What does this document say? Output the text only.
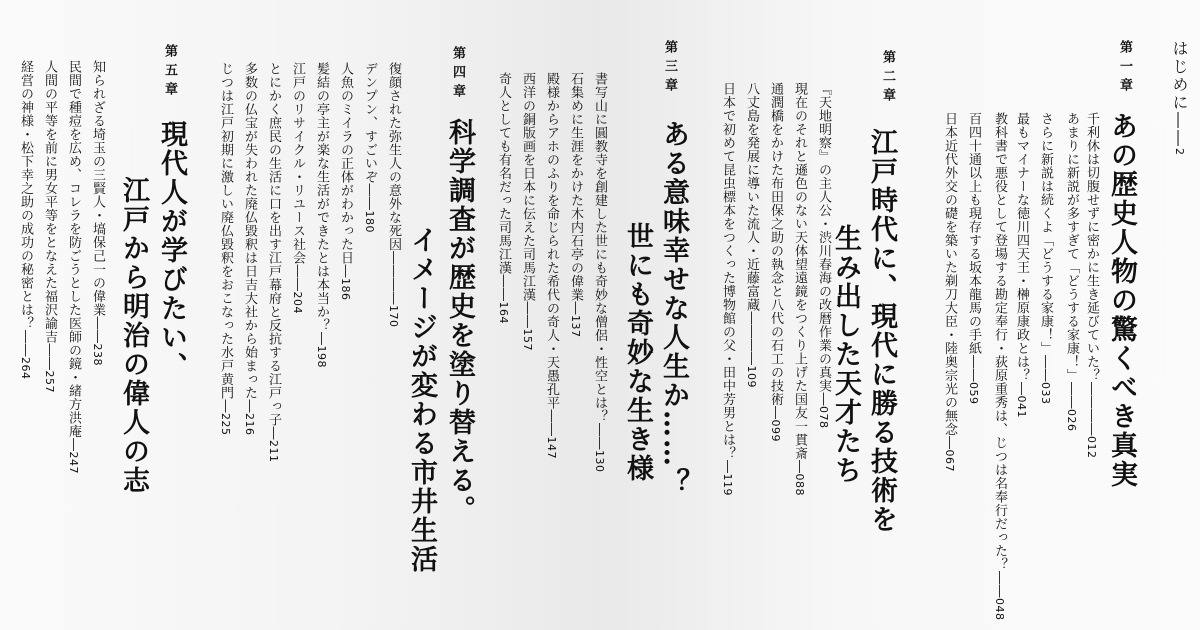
はじめに――2
第一章
あの歴史人物の驚くべき真実
千利休は切腹せずに密かに生き延びていた？――――012
あまりに新説が多すぎて「どうする家康！」――026
さらに新説は続くよ「どうする家康！」――033
最もマイナーな徳川四天王・榊原康政とは？―041
教科書で悪役として登場する勘定奉行・荻原重秀は、じつは名奉行だった？――048
百四十通以上も現存する坂本龍馬の手紙――059
日本近代外交の礎を築いた剃刀大臣・陸奥宗光の無念―067
第二章
江戸時代に、現代に勝る技術を
生み出した天才たち
『天地明察』の主人公・渋川春海の改暦作業の真実―078
現在のそれと遜色のない天体望遠鏡をつくり上げた国友一貫斎―088
通潤橋をかけた布田保之助の執念と八代の石工の技術―099
八丈島を発展に導いた流人・近藤富蔵――――109
日本で初めて昆虫標本をつくった博物館の父・田中芳男とは？―119
第三章
ある意味幸せな人生か……？
世にも奇妙な生き様
書写山に圓教寺を創建した世にも奇妙な僧侶・性空とは？――130
石集めに生涯をかけた木内石亭の偉業―137
殿様からアホのふりを命じられた希代の奇人・天愚孔平――147
西洋の銅版画を日本に伝えた司馬江漢――157
奇人としても有名だった司馬江漢――164
第四章
科学調査が歴史を塗り替える。
イメージが変わる市井生活
復顔された弥生人の意外な死因――――170
デンプン、すごいぞ――180
人魚のミイラの正体がわかった日―186
髪結の亭主が楽な生活ができたとは本当か？―198
江戸のリサイクル・リユース社会――204
とにかく庶民の生活に口を出す江戸幕府と反抗する江戸っ子―211
多数の仏宝が失われた廃仏毀釈は日吉大社から始まった―216
じつは江戸初期に激しい廃仏毀釈をおこなった水戸黄門―225
第五章
現代人が学びたい、
江戸から明治の偉人の志
知られざる埼玉の三賢人・塙保己一の偉業――238
民間で種痘を広め、コレラを防ごうとした医師の鏡・緒方洪庵―247
人間の平等を前に男女平等をとなえた福沢諭吉――257
経営の神様・松下幸之助の成功の秘密とは？――264
